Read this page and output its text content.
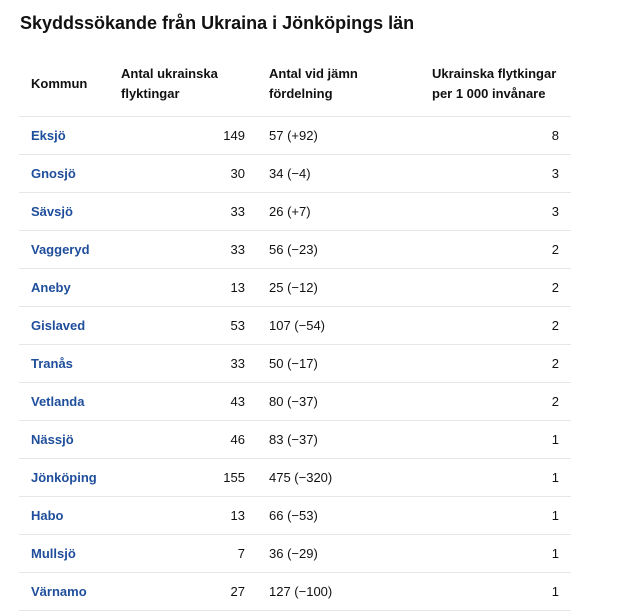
Skyddssökande från Ukraina i Jönköpings län
Kommun	Antal ukrainska flyktingar	Antal vid jämn fördelning	Ukrainska flytkingar per 1 000 invånare
Eksjö	149	57 (+92)	8
Gnosjö	30	34 (−4)	3
Sävsjö	33	26 (+7)	3
Vaggeryd	33	56 (−23)	2
Aneby	13	25 (−12)	2
Gislaved	53	107 (−54)	2
Tranås	33	50 (−17)	2
Vetlanda	43	80 (−37)	2
Nässjö	46	83 (−37)	1
Jönköping	155	475 (−320)	1
Habo	13	66 (−53)	1
Mullsjö	7	36 (−29)	1
Värnamo	27	127 (−100)	1
